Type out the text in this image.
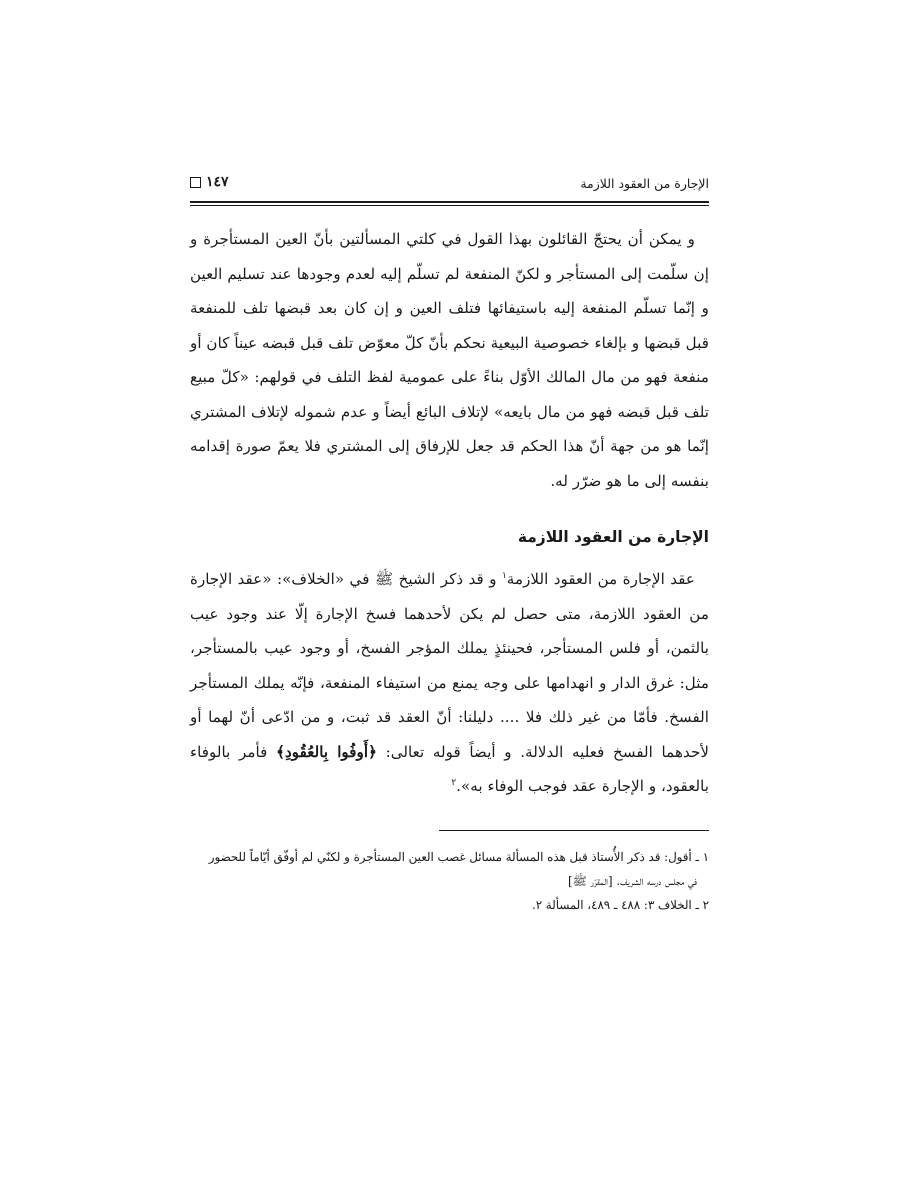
الإجارة من العقود اللازمة
١٤٧

و يمكن أن يحتجّ القائلون بهذا القول في كلتي المسألتين بأنّ العين المستأجرة و إن سلّمت إلى المستأجر و لكنّ المنفعة لم تسلّم إليه لعدم وجودها عند تسليم العين و إنّما تسلّم المنفعة إليه باستيفائها فتلف العين و إن كان بعد قبضها تلف للمنفعة قبل قبضها و بإلغاء خصوصية البيعية نحكم بأنّ كلّ معوّض تلف قبل قبضه عيناً كان أو منفعة فهو من مال المالك الأوّل بناءً على عمومية لفظ التلف في قولهم: «كلّ مبيع تلف قبل قبضه فهو من مال بايعه» لإتلاف البائع أيضاً و عدم شموله لإتلاف المشتري إنّما هو من جهة أنّ هذا الحكم قد جعل للإرفاق إلى المشتري فلا يعمّ صورة إقدامه بنفسه إلى ما هو ضرّر له.

الإجارة من العقود اللازمة

عقد الإجارة من العقود اللازمة$^١$ و قد ذكر الشيخ ﷺ في «الخلاف»: «عقد الإجارة من العقود اللازمة، متى حصل لم يكن لأحدهما فسخ الإجارة إلّا عند وجود عيب بالثمن، أو فلس المستأجر، فحينئذٍ يملك المؤجر الفسخ، أو وجود عيب بالمستأجر، مثل: غرق الدار و انهدامها على وجه يمنع من استيفاء المنفعة، فإنّه يملك المستأجر الفسخ. فأمّا من غير ذلك فلا .... دليلنا: أنّ العقد قد ثبت، و من ادّعى أنّ لهما أو لأحدهما الفسخ فعليه الدلالة. و أيضاً قوله تعالى: ﴿أَوفُوا بِالعُقُودِ﴾ فأمر بالوفاء بالعقود، و الإجارة عقد فوجب الوفاء به».$^٢$

١ ـ أقول: قد ذكر الأُستاذ قبل هذه المسألة مسائل غصب العين المستأجرة و لكنّي لم أوفّق أيّاماً للحضور

في مجلس درسه الشريف. [المقرّر ﷺ]

٢ ـ الخلاف ٣: ٤٨٨ ـ ٤٨٩، المسألة ٢.
